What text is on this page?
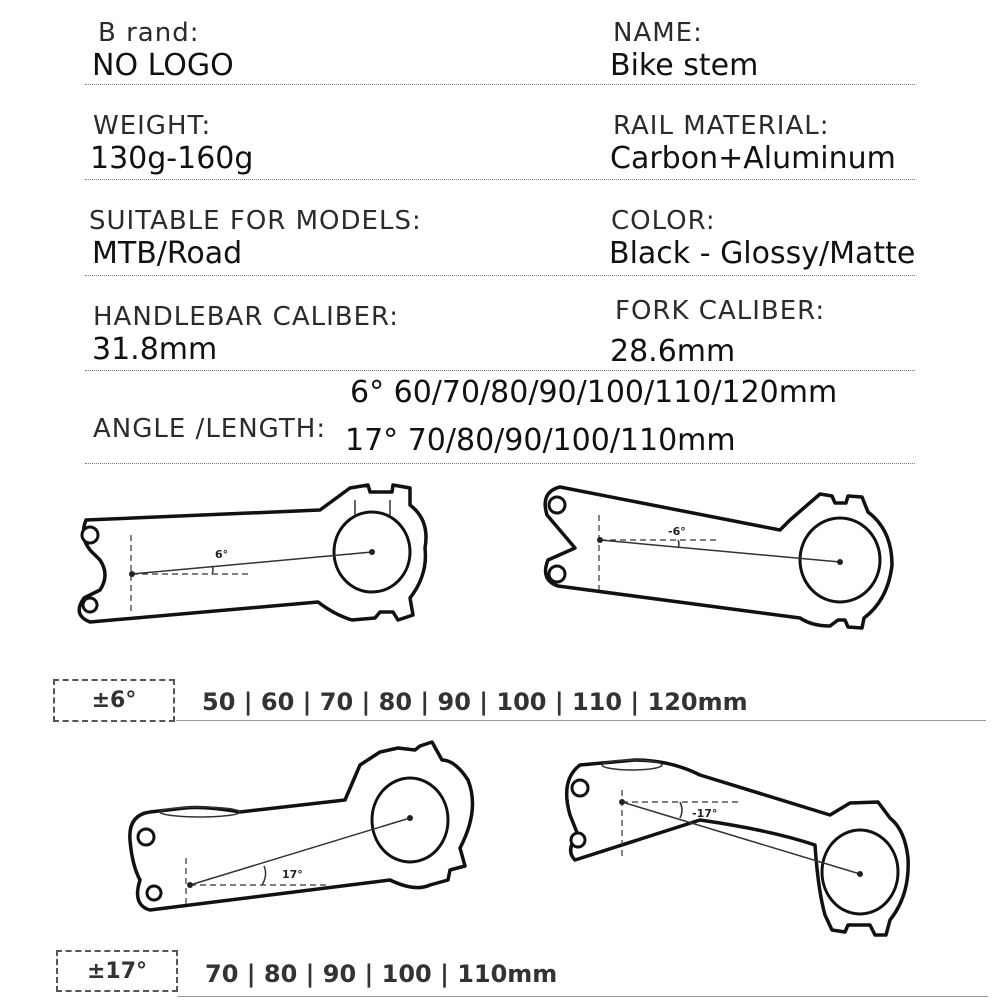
B rand:
NO LOGO
NAME:
Bike stem
WEIGHT:
130g-160g
RAIL MATERIAL:
Carbon+Aluminum
SUITABLE FOR MODELS:
MTB/Road
COLOR:
Black - Glossy/Matte
HANDLEBAR CALIBER:
31.8mm
FORK CALIBER:
28.6mm
6° 60/70/80/90/100/110/120mm
ANGLE /LENGTH: 17° 70/80/90/100/110mm
6°
-6°
±6°	50 | 60 | 70 | 80 | 90 | 100 | 110 | 120mm
17°
-17°
±17° 70 | 80 | 90 | 100 | 110mm
